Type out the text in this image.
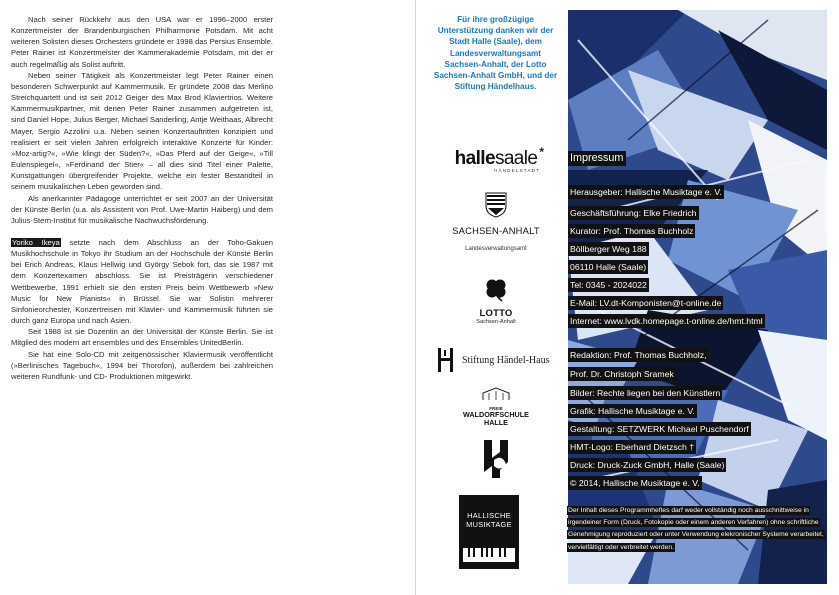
Nach seiner Rückkehr aus den USA war er 1996–2000 erster Konzertmeister der Brandenburgischen Philharmonie Potsdam. Mit acht weiteren Solisten dieses Orchesters gründete er 1998 das Persius Ensemble. Peter Rainer ist Konzertmeister der Kammerakademie Potsdam, mit der er auch regelmäßig als Solist auftritt.

Neben seiner Tätigkeit als Konzertmeister legt Peter Rainer einen besonderen Schwerpunkt auf Kammermusik. Er gründete 2008 das Merlino Streichquartett und ist seit 2012 Geiger des Max Brod Klaviertrios. Weitere Kammermusikpartner, mit denen Peter Rainer zusammen aufgetreten ist, sind Daniel Hope, Julius Berger, Michael Sanderling, Antje Weithaas, Albrecht Mayer, Sergio Azzolini u.a. Neben seinen Konzertauftritten konzipiert und realisiert er seit vielen Jahren erfolgreich interaktive Konzerte für Kinder: »Moz-artig?«, »Wie klingt der Süden?«, »Das Pferd auf der Geige«, »Till Eulenspiegel«, »Ferdinand der Stier« – all dies sind Titel einer Palette, Kunstgattungen übergreifender Projekte, welche ein fester Bestandteil in seinem musikalischen Leben geworden sind.

Als anerkannter Pädagoge unterrichtet er seit 2007 an der Universität der Künste Berlin (u.a. als Assistent von Prof. Uwe-Martin Haiberg) und dem Julius-Stern-Institut für musikalische Nachwuchsförderung.

Yoriko Ikeya setzte nach dem Abschluss an der Toho-Gakuen Musikhochschule in Tokyo ihr Studium an der Hochschule der Künste Berlin bei Erich Andreas, Klaus Hellwig und György Sebok fort, das sie 1987 mit dem Konzertexamen abschloss. Sie ist Preisträgerin verschiedener Wettbewerbe, 1991 erhielt sie den ersten Preis beim Wettbewerb »New Music for New Pianists« in Brüssel. Sie war Solistin mehrerer Sinfonieorchester, Konzertreisen mit Klavier- und Kammermusik führten sie durch ganz Europa und nach Asien.

Seit 1988 ist sie Dozentin an der Universität der Künste Berlin. Sie ist Mitglied des modern art ensembles und des Ensembles UnitedBerlin.

Sie hat eine Solo-CD mit zeitgenössischer Klaviermusik veröffentlicht (»Berlinisches Tagebuch«, 1994 bei Thorofon), außerdem bei zahlreichen weiteren Rundfunk- und CD- Produktionen mitgewirkt.

Für ihre großzügige Unterstützung danken wir der Stadt Halle (Saale), dem Landesverwaltungsamt Sachsen-Anhalt, der Lotto Sachsen-Anhalt GmbH, und der Stiftung Händelhaus.
hallesaale *
HÄNDELSTADT
SACHSEN-ANHALT
Landesverwaltungsamt
LOTTO
Sachsen-Anhalt
Stiftung Händel-Haus
FREIE
WALDORFSCHULE
HALLE
HALLISCHE
MUSIKTAGE
Impressum
Herausgeber: Hallische Musiktage e. V.
Geschäftsführung: Elke Friedrich
Kurator: Prof. Thomas Buchholz
Böllberger Weg 188
06110 Halle (Saale)
Tel: 0345 - 2024022
E-Mail: LV.dt-Komponisten@t-online.de
Internet: www.lvdk.homepage.t-online.de/hmt.html
Redaktion: Prof. Thomas Buchholz,
Prof. Dr. Christoph Sramek
Bilder: Rechte liegen bei den Künstlern
Grafik: Hallische Musiktage e. V.
Gestaltung: SETZWERK Michael Puschendorf
HMT-Logo: Eberhard Dietzsch †
Druck: Druck-Zuck GmbH, Halle (Saale)
© 2014, Hallische Musiktage e. V.
Der Inhalt dieses Programmheftes darf weder vollständig noch ausschnittweise in irgendeiner Form (Druck, Fotokopie oder einem anderen Verfahren) ohne schriftliche Genehmigung reproduziert oder unter Verwendung elekronischer Systeme verarbeitet, vervielfältigt oder verbreitet werden.
